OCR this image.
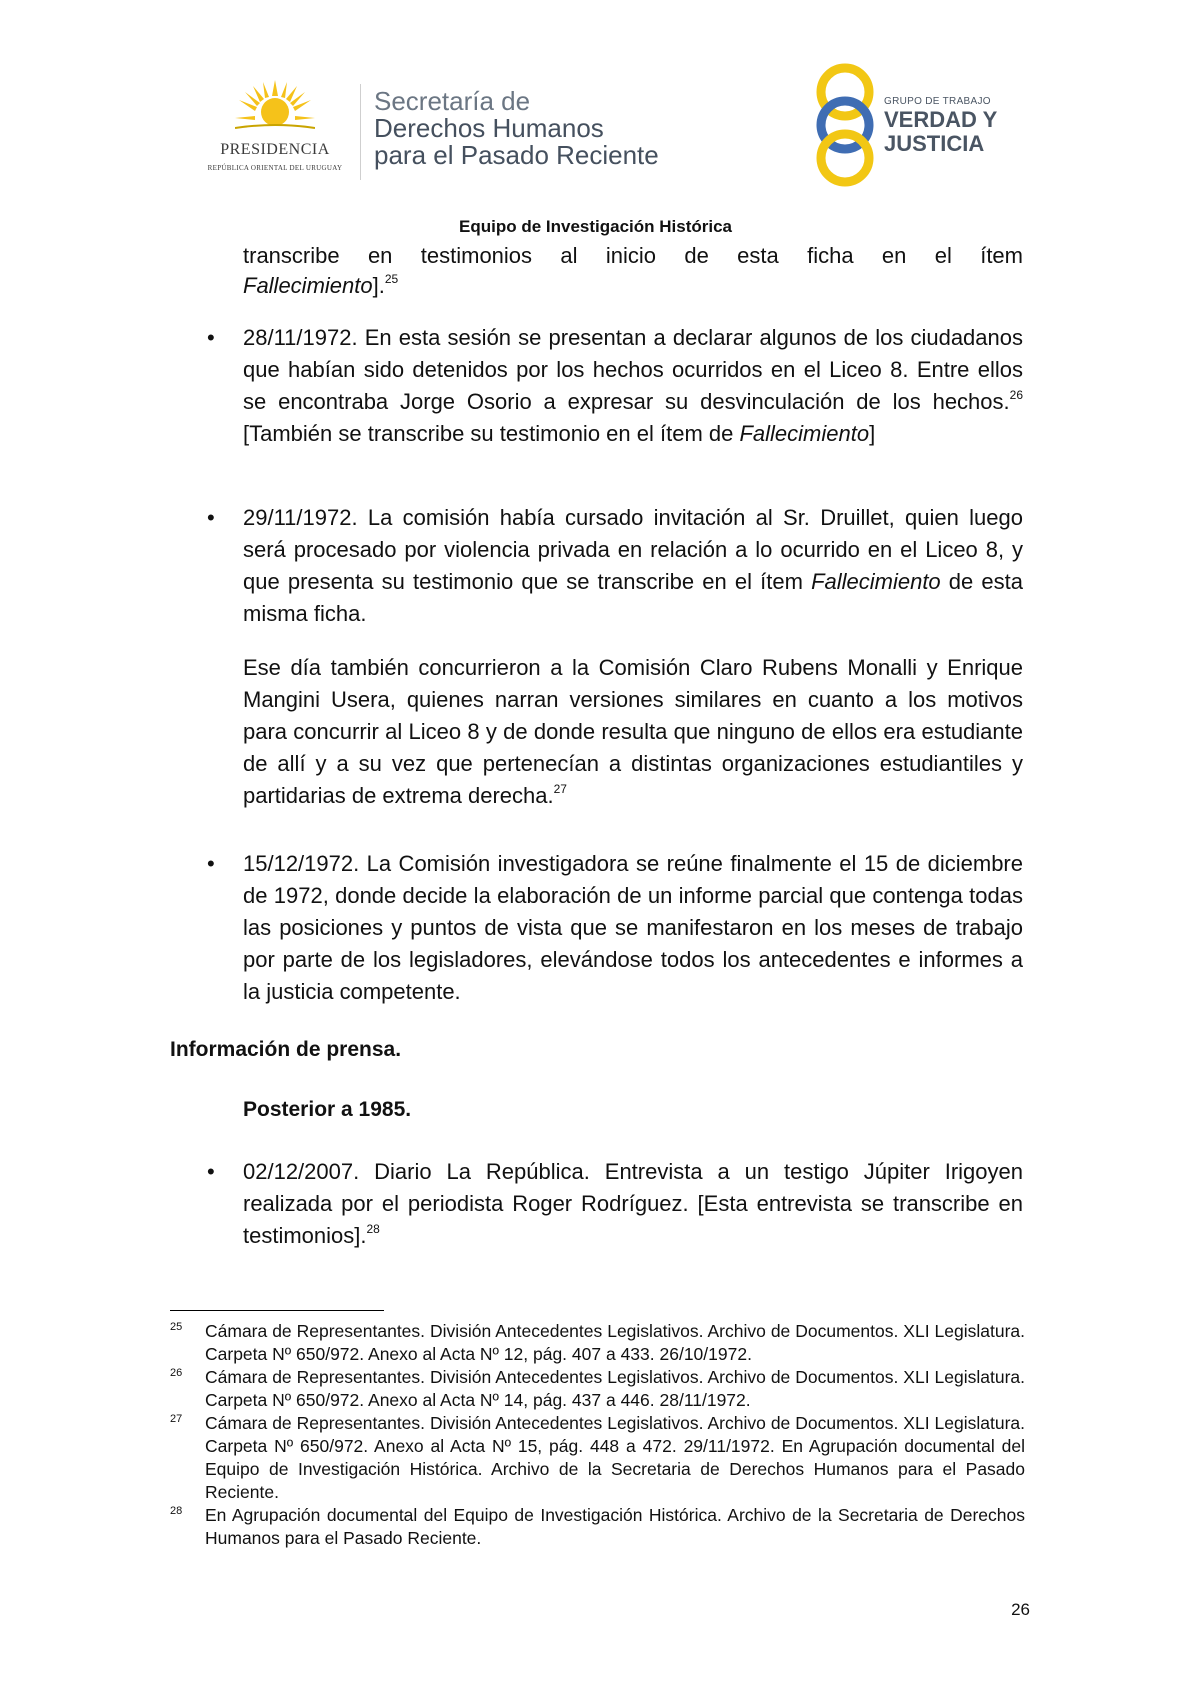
PRESIDENCIA
REPÚBLICA ORIENTAL DEL URUGUAY
Secretaría de
Derechos Humanos
para el Pasado Reciente
GRUPO DE TRABAJO
VERDAD Y
JUSTICIA
Equipo de Investigación Histórica
transcribe en testimonios al inicio de esta ficha en el ítem
Fallecimiento].$^{25}$
• 28/11/1972. En esta sesión se presentan a declarar algunos de los ciudadanos que habían sido detenidos por los hechos ocurridos en el Liceo 8. Entre ellos se encontraba Jorge Osorio a expresar su desvinculación de los hechos.$^{26}$ [También se transcribe su testimonio en el ítem de Fallecimiento]
• 29/11/1972. La comisión había cursado invitación al Sr. Druillet, quien luego será procesado por violencia privada en relación a lo ocurrido en el Liceo 8, y que presenta su testimonio que se transcribe en el ítem Fallecimiento de esta misma ficha.
Ese día también concurrieron a la Comisión Claro Rubens Monalli y Enrique Mangini Usera, quienes narran versiones similares en cuanto a los motivos para concurrir al Liceo 8 y de donde resulta que ninguno de ellos era estudiante de allí y a su vez que pertenecían a distintas organizaciones estudiantiles y partidarias de extrema derecha.$^{27}$
• 15/12/1972. La Comisión investigadora se reúne finalmente el 15 de diciembre de 1972, donde decide la elaboración de un informe parcial que contenga todas las posiciones y puntos de vista que se manifestaron en los meses de trabajo por parte de los legisladores, elevándose todos los antecedentes e informes a la justicia competente.
Información de prensa.
Posterior a 1985.
• 02/12/2007. Diario La República. Entrevista a un testigo Júpiter Irigoyen realizada por el periodista Roger Rodríguez. [Esta entrevista se transcribe en testimonios].$^{28}$
25 Cámara de Representantes. División Antecedentes Legislativos. Archivo de Documentos. XLI Legislatura. Carpeta Nº 650/972. Anexo al Acta Nº 12, pág. 407 a 433. 26/10/1972.
26 Cámara de Representantes. División Antecedentes Legislativos. Archivo de Documentos. XLI Legislatura. Carpeta Nº 650/972. Anexo al Acta Nº 14, pág. 437 a 446. 28/11/1972.
27 Cámara de Representantes. División Antecedentes Legislativos. Archivo de Documentos. XLI Legislatura. Carpeta Nº 650/972. Anexo al Acta Nº 15, pág. 448 a 472. 29/11/1972. En Agrupación documental del Equipo de Investigación Histórica. Archivo de la Secretaria de Derechos Humanos para el Pasado Reciente.
28 En Agrupación documental del Equipo de Investigación Histórica. Archivo de la Secretaria de Derechos Humanos para el Pasado Reciente.
26
